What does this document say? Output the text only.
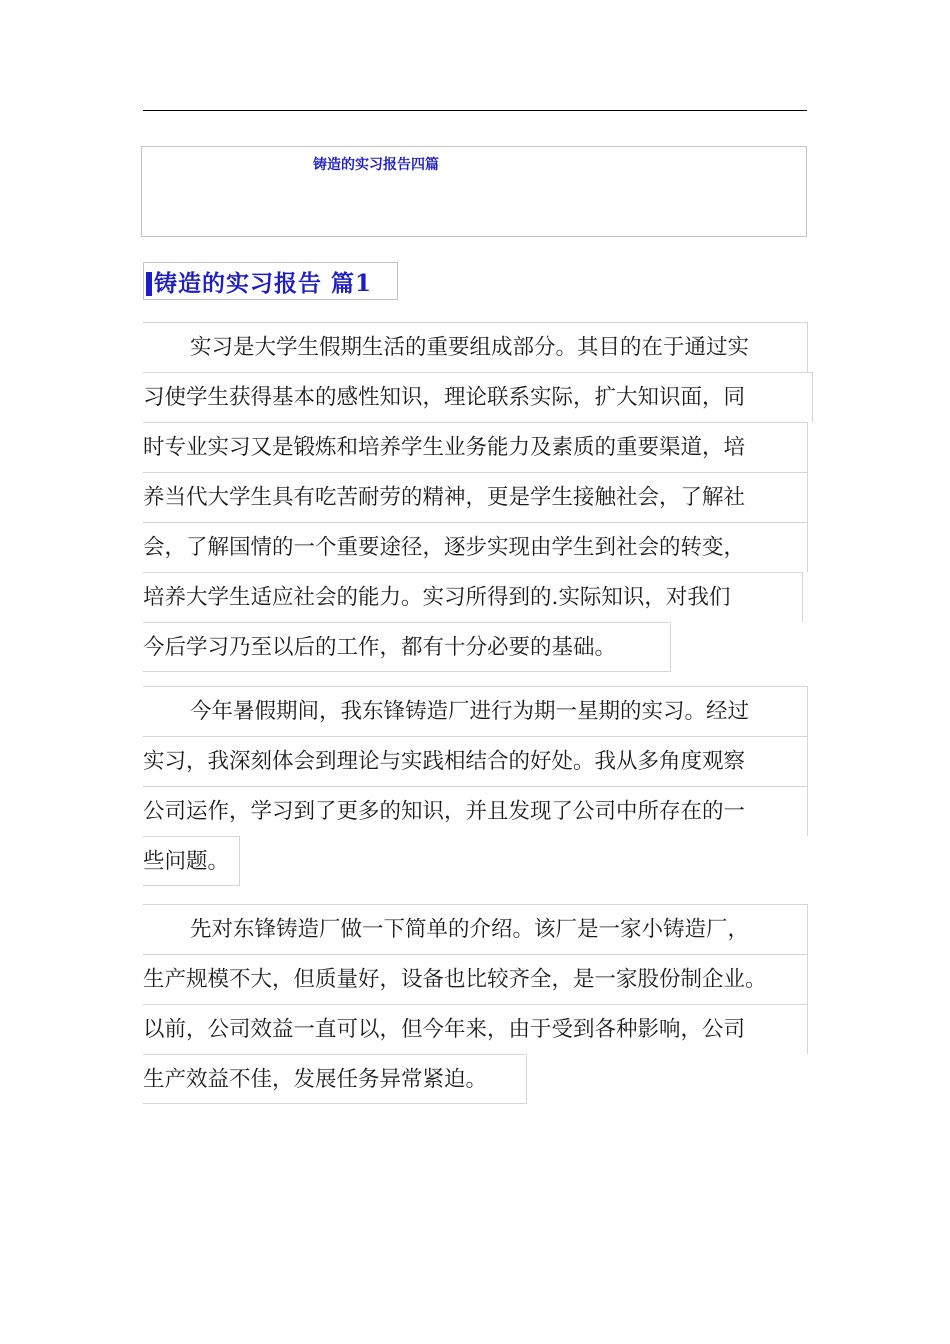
铸造的实习报告四篇
铸造的实习报告 篇1
实习是大学生假期生活的重要组成部分。其目的在于通过实
习使学生获得基本的感性知识，理论联系实际，扩大知识面，同
时专业实习又是锻炼和培养学生业务能力及素质的重要渠道，培
养当代大学生具有吃苦耐劳的精神，更是学生接触社会，了解社
会，了解国情的一个重要途径，逐步实现由学生到社会的转变，
培养大学生适应社会的能力。实习所得到的.实际知识，对我们
今后学习乃至以后的工作，都有十分必要的基础。
今年暑假期间，我东锋铸造厂进行为期一星期的实习。经过
实习，我深刻体会到理论与实践相结合的好处。我从多角度观察
公司运作，学习到了更多的知识，并且发现了公司中所存在的一
些问题。
先对东锋铸造厂做一下简单的介绍。该厂是一家小铸造厂，
生产规模不大，但质量好，设备也比较齐全，是一家股份制企业。
以前，公司效益一直可以，但今年来，由于受到各种影响，公司
生产效益不佳，发展任务异常紧迫。
